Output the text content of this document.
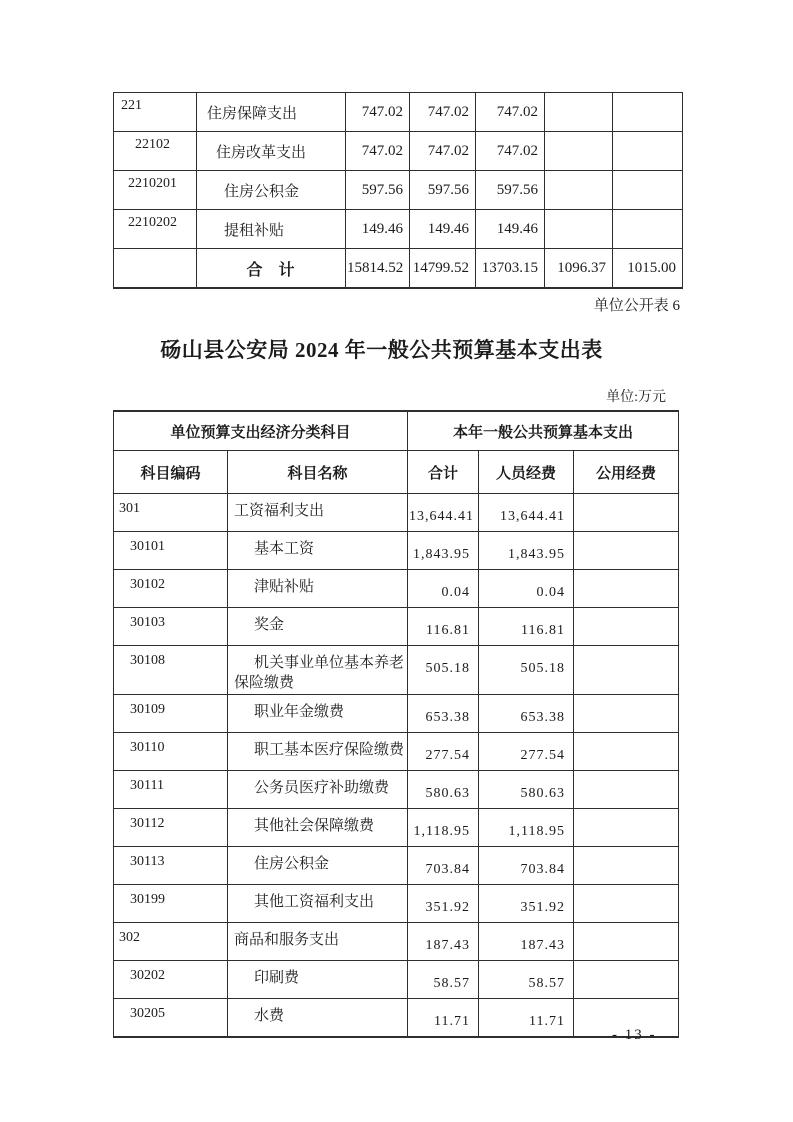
221	住房保障支出	747.02	747.02	747.02		
22102	住房改革支出	747.02	747.02	747.02		
2210201	住房公积金	597.56	597.56	597.56		
2210202	提租补贴	149.46	149.46	149.46		
	合　计	15814.52	14799.52	13703.15	1096.37	1015.00
单位公开表 6
砀山县公安局 2024 年一般公共预算基本支出表
单位:万元
单位预算支出经济分类科目		本年一般公共预算基本支出		
科目编码	科目名称	合计	人员经费	公用经费
301	工资福利支出	13,644.41	13,644.41	
30101	基本工资	1,843.95	1,843.95	
30102	津贴补贴	0.04	0.04	
30103	奖金	116.81	116.81	
30108	机关事业单位基本养老保险缴费	505.18	505.18	
30109	职业年金缴费	653.38	653.38	
30110	职工基本医疗保险缴费	277.54	277.54	
30111	公务员医疗补助缴费	580.63	580.63	
30112	其他社会保障缴费	1,118.95	1,118.95	
30113	住房公积金	703.84	703.84	
30199	其他工资福利支出	351.92	351.92	
302	商品和服务支出	187.43	187.43	
30202	印刷费	58.57	58.57	
30205	水费	11.71	11.71	
- 13 -
